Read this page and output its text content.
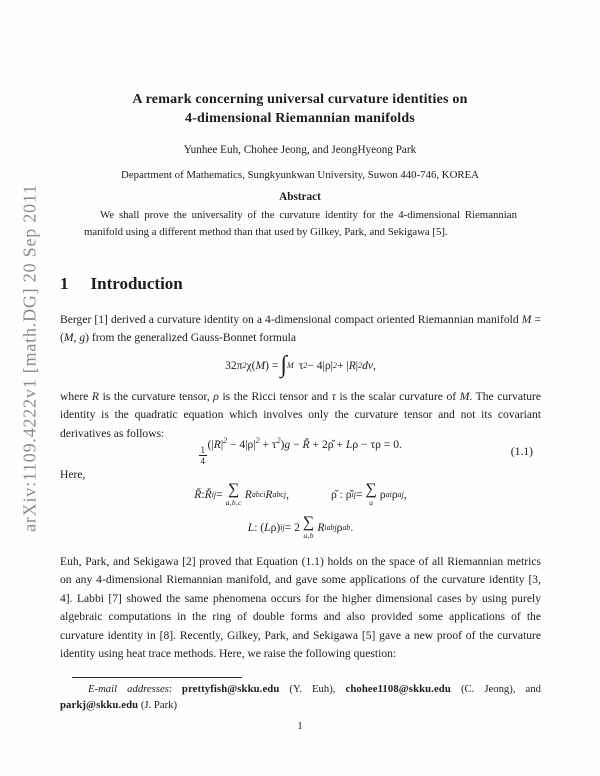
arXiv:1109.4222v1 [math.DG] 20 Sep 2011
A remark concerning universal curvature identities on
4-dimensional Riemannian manifolds
Yunhee Euh, Chohee Jeong, and JeongHyeong Park
Department of Mathematics, Sungkyunkwan University, Suwon 440-746, KOREA
Abstract
We shall prove the universality of the curvature identity for the 4-dimensional Riemannian manifold using a different method than that used by Gilkey, Park, and Sekigawa [5].
1 Introduction
Berger [1] derived a curvature identity on a 4-dimensional compact oriented Riemannian manifold M = (M, g) from the generalized Gauss-Bonnet formula
32π 2 χ( M ) = ∫ M τ 2 − 4|ρ| 2 + | R | 2 dv ,
where R is the curvature tensor, ρ is the Ricci tensor and τ is the scalar curvature of M. The curvature identity is the quadratic equation which involves only the curvature tensor and not its covariant derivatives as follows:
$\frac{1}{4}$
$(|R|^2 - 4|\rho|^2 + \tau^2)g$ − Ř + 2ρ̌ + Lρ − τρ = 0.
(1.1)
Here,
Ř : Ř ij = ∑
a,b,c
R abci R abc j ,	ρ̌ : ρ̌ ij = ∑
a
ρ ai ρ a j ,
L : ( L ρ) ij = 2 ∑
a,b
R iabj ρ ab .
Euh, Park, and Sekigawa [2] proved that Equation (1.1) holds on the space of all Riemannian metrics on any 4-dimensional Riemannian manifold, and gave some applications of the curvature identity [3, 4]. Labbi [7] showed the same phenomena occurs for the higher dimensional cases by using purely algebraic computations in the ring of double forms and also provided some applications of the curvature identity in [8]. Recently, Gilkey, Park, and Sekigawa [5] gave a new proof of the curvature identity using heat trace methods. Here, we raise the following question:
E-mail addresses: prettyfish@skku.edu (Y. Euh), chohee1108@skku.edu (C. Jeong), and parkj@skku.edu (J. Park)
1
